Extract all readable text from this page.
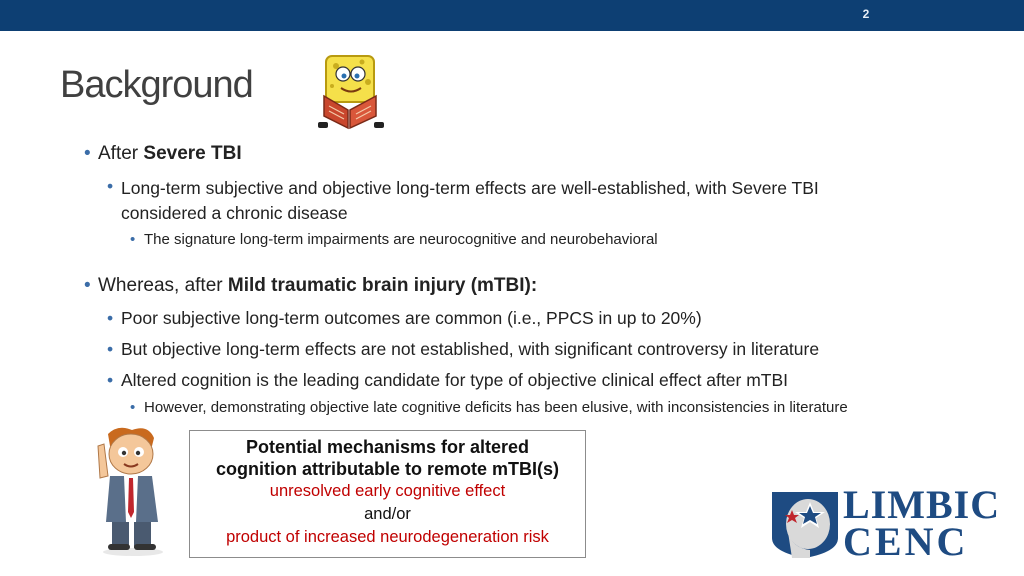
2
Background
• After Severe TBI
• Long-term subjective and objective long-term effects are well-established, with Severe TBI
considered a chronic disease
• The signature long-term impairments are neurocognitive and neurobehavioral
• Whereas, after Mild traumatic brain injury (mTBI):
• Poor subjective long-term outcomes are common (i.e., PPCS in up to 20%)
• But objective long-term effects are not established, with significant controversy in literature
• Altered cognition is the leading candidate for type of objective clinical effect after mTBI
• However, demonstrating objective late cognitive deficits has been elusive, with inconsistencies in literature
Potential mechanisms for altered
cognition attributable to remote mTBI(s)
unresolved early cognitive effect
and/or
product of increased neurodegeneration risk
LIMBIC
CENC
